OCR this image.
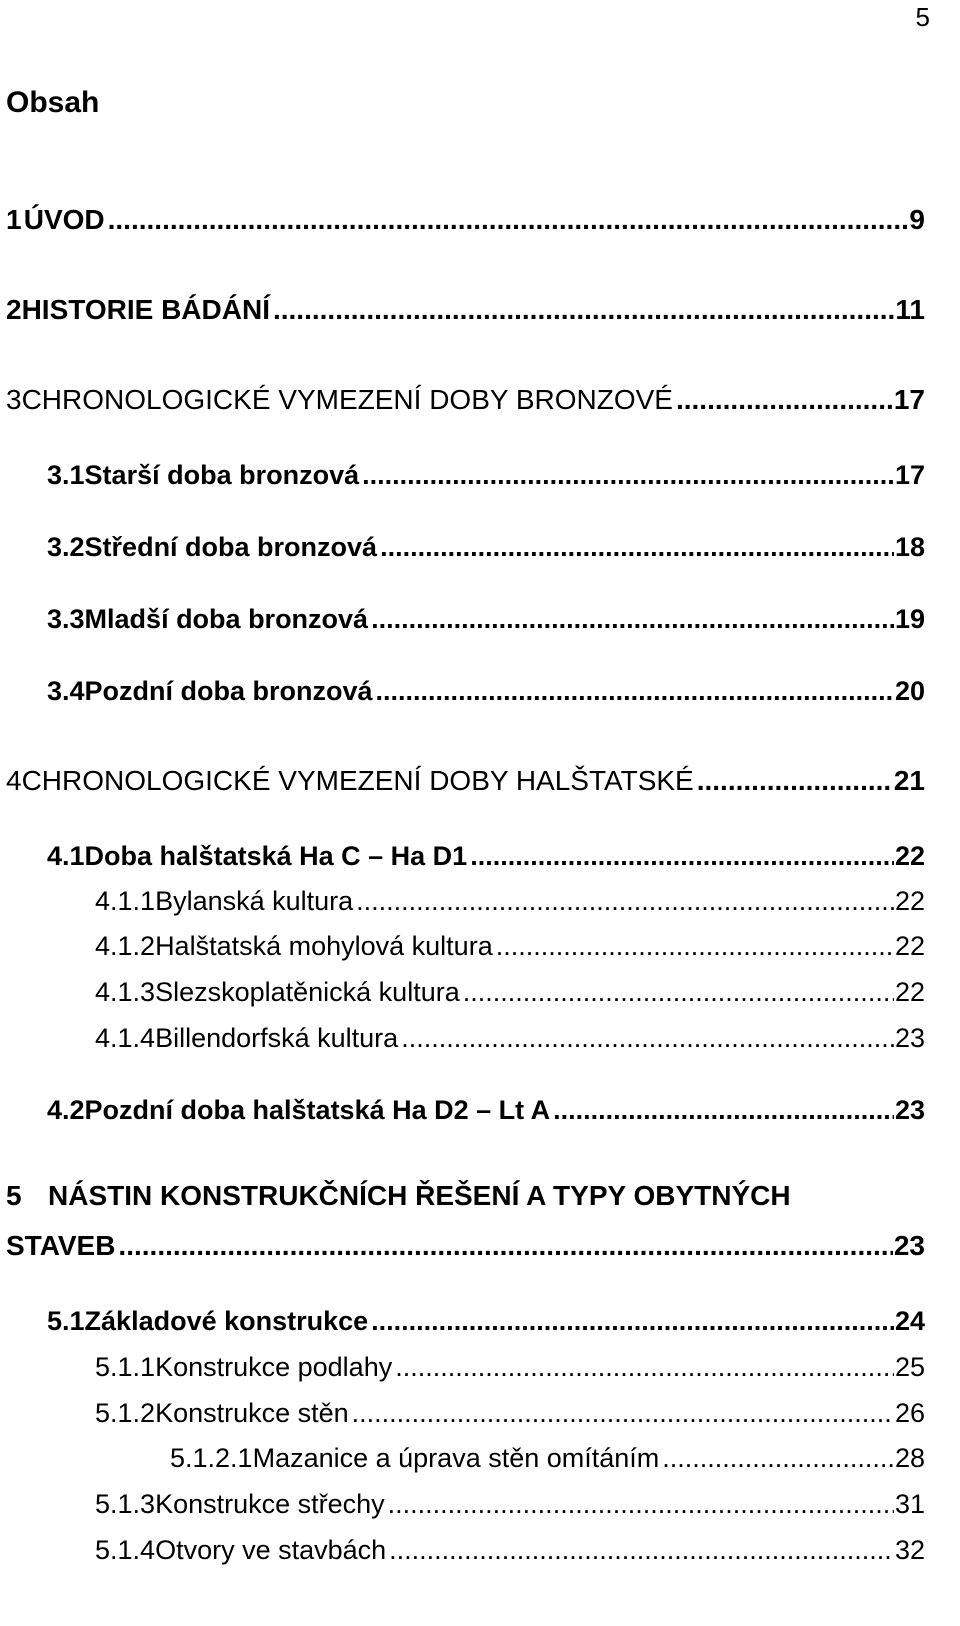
5
Obsah
1 ÚVOD .....	9
2 HISTORIE BÁDÁNÍ .....	11
3 CHRONOLOGICKÉ VYMEZENÍ DOBY BRONZOVÉ .....	17
3.1 Starší doba bronzová .....	17
3.2 Střední doba bronzová .....	18
3.3 Mladší doba bronzová .....	19
3.4 Pozdní doba bronzová .....	20
4 CHRONOLOGICKÉ VYMEZENÍ DOBY HALŠTATSKÉ .....	21
4.1 Doba halštatská Ha C – Ha D1 .....	22
4.1.1 Bylanská kultura .....	22
4.1.2 Halštatská mohylová kultura .....	22
4.1.3 Slezskoplatěnická kultura .....	22
4.1.4 Billendorfská kultura .....	23
4.2 Pozdní doba halštatská Ha D2 – Lt A .....	23
5 NÁSTIN KONSTRUKČNÍCH ŘEŠENÍ A TYPY OBYTNÝCH
STAVEB .....	23
5.1 Základové konstrukce .....	24
5.1.1 Konstrukce podlahy .....	25
5.1.2 Konstrukce stěn .....	26
5.1.2.1 Mazanice a úprava stěn omítáním .....	28
5.1.3 Konstrukce střechy .....	31
5.1.4 Otvory ve stavbách .....	32
